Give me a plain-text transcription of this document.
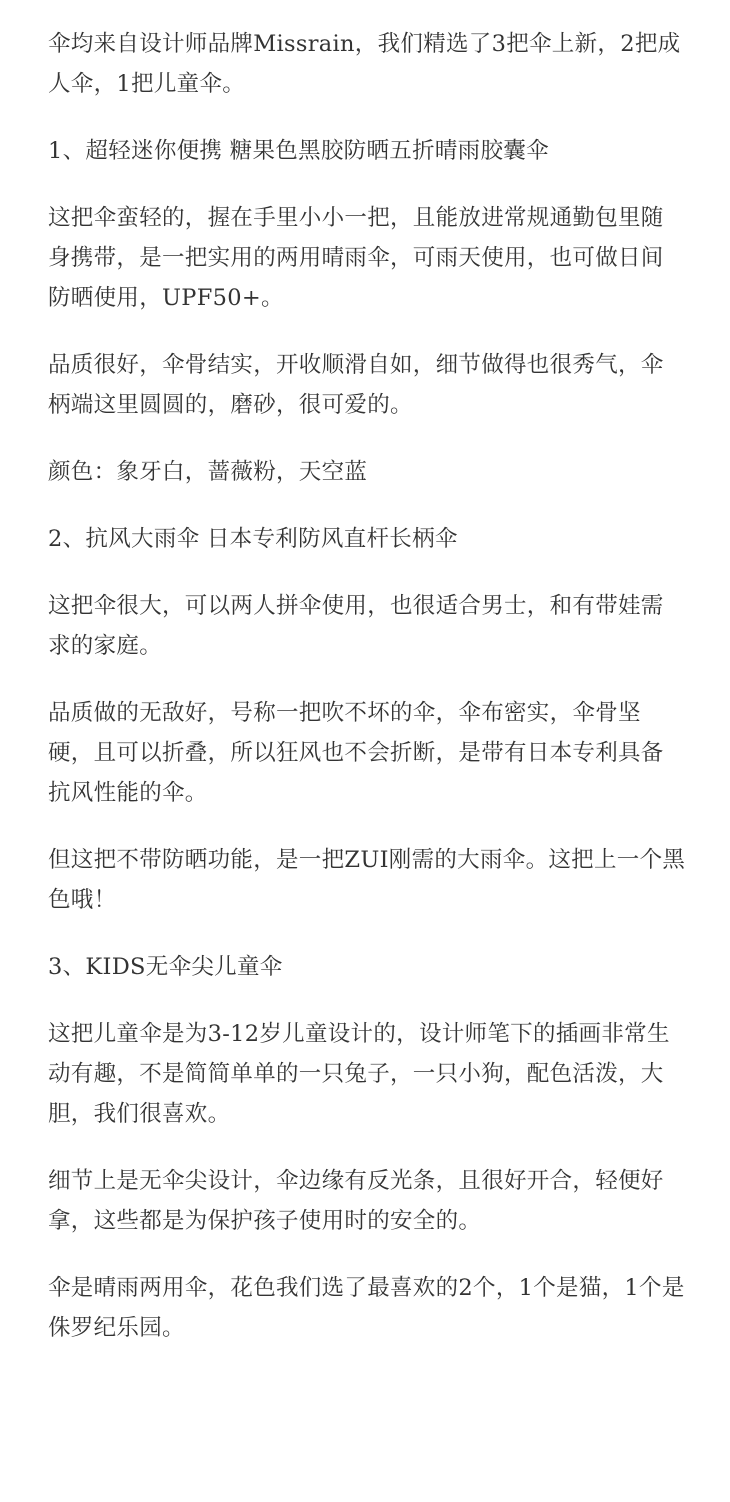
伞均来自设计师品牌Missrain，我们精选了3把伞上新，2把成人伞，1把儿童伞。

1、超轻迷你便携 糖果色黑胶防晒五折晴雨胶囊伞

这把伞蛮轻的，握在手里小小一把，且能放进常规通勤包里随身携带，是一把实用的两用晴雨伞，可雨天使用，也可做日间防晒使用，UPF50+。

品质很好，伞骨结实，开收顺滑自如，细节做得也很秀气，伞柄端这里圆圆的，磨砂，很可爱的。

颜色：象牙白，蔷薇粉，天空蓝

2、抗风大雨伞 日本专利防风直杆长柄伞

这把伞很大，可以两人拼伞使用，也很适合男士，和有带娃需求的家庭。

品质做的无敌好，号称一把吹不坏的伞，伞布密实，伞骨坚硬，且可以折叠，所以狂风也不会折断，是带有日本专利具备抗风性能的伞。

但这把不带防晒功能，是一把ZUI刚需的大雨伞。这把上一个黑色哦！

3、KIDS无伞尖儿童伞

这把儿童伞是为3-12岁儿童设计的，设计师笔下的插画非常生动有趣，不是简简单单的一只兔子，一只小狗，配色活泼，大胆，我们很喜欢。

细节上是无伞尖设计，伞边缘有反光条，且很好开合，轻便好拿，这些都是为保护孩子使用时的安全的。

伞是晴雨两用伞，花色我们选了最喜欢的2个，1个是猫，1个是侏罗纪乐园。
